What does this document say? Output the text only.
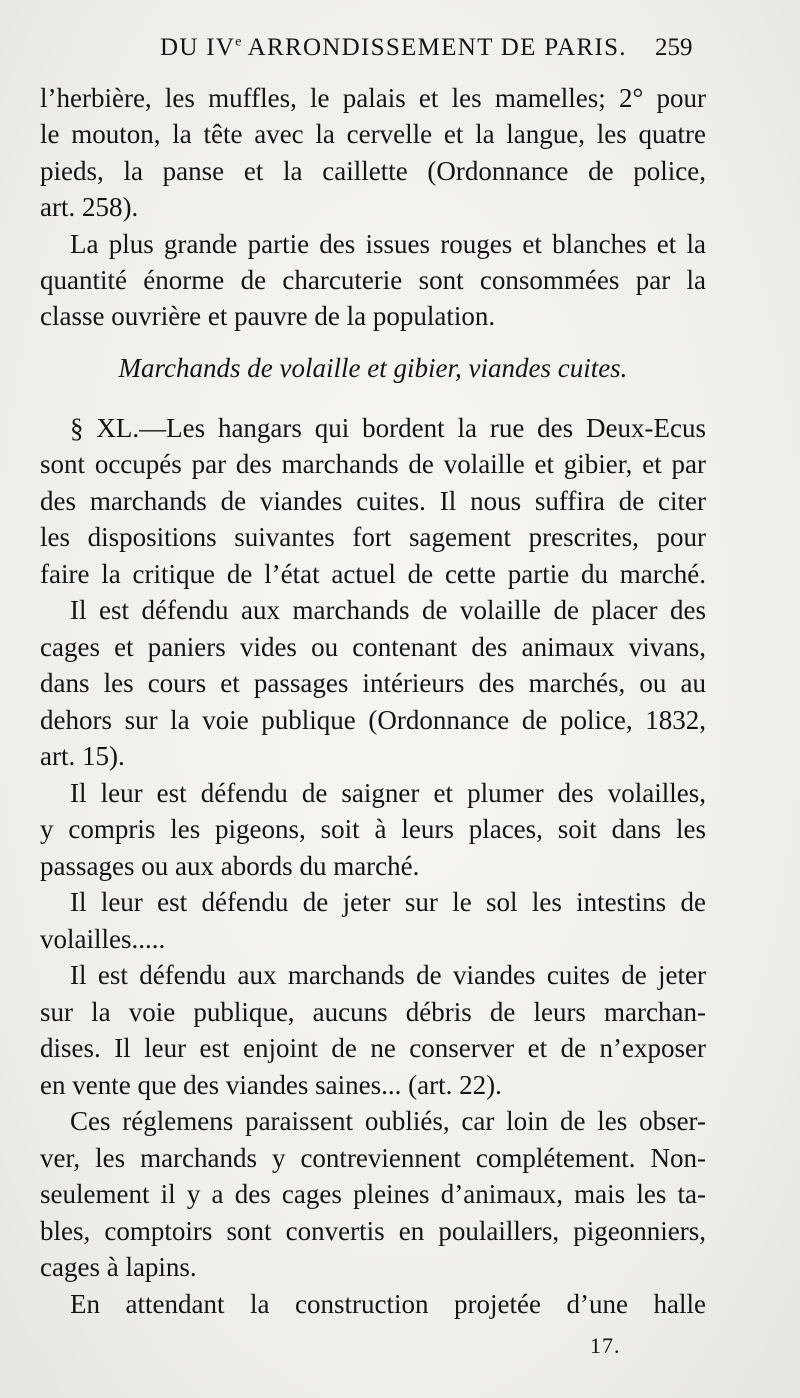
DU IVe ARRONDISSEMENT DE PARIS. 259
l’herbière, les muffles, le palais et les mamelles; 2° pour
le mouton, la tête avec la cervelle et la langue, les quatre
pieds, la panse et la caillette (Ordonnance de police,
art. 258).
La plus grande partie des issues rouges et blanches et la
quantité énorme de charcuterie sont consommées par la
classe ouvrière et pauvre de la population.
Marchands de volaille et gibier, viandes cuites.
§ XL.—Les hangars qui bordent la rue des Deux-Ecus
sont occupés par des marchands de volaille et gibier, et par
des marchands de viandes cuites. Il nous suffira de citer
les dispositions suivantes fort sagement prescrites, pour
faire la critique de l’état actuel de cette partie du marché.
Il est défendu aux marchands de volaille de placer des
cages et paniers vides ou contenant des animaux vivans,
dans les cours et passages intérieurs des marchés, ou au
dehors sur la voie publique (Ordonnance de police, 1832,
art. 15).
Il leur est défendu de saigner et plumer des volailles,
y compris les pigeons, soit à leurs places, soit dans les
passages ou aux abords du marché.
Il leur est défendu de jeter sur le sol les intestins de
volailles.....
Il est défendu aux marchands de viandes cuites de jeter
sur la voie publique, aucuns débris de leurs marchan-
dises. Il leur est enjoint de ne conserver et de n’exposer
en vente que des viandes saines... (art. 22).
Ces réglemens paraissent oubliés, car loin de les obser-
ver, les marchands y contreviennent complétement. Non-
seulement il y a des cages pleines d’animaux, mais les ta-
bles, comptoirs sont convertis en poulaillers, pigeonniers,
cages à lapins.
En attendant la construction projetée d’une halle
17.
